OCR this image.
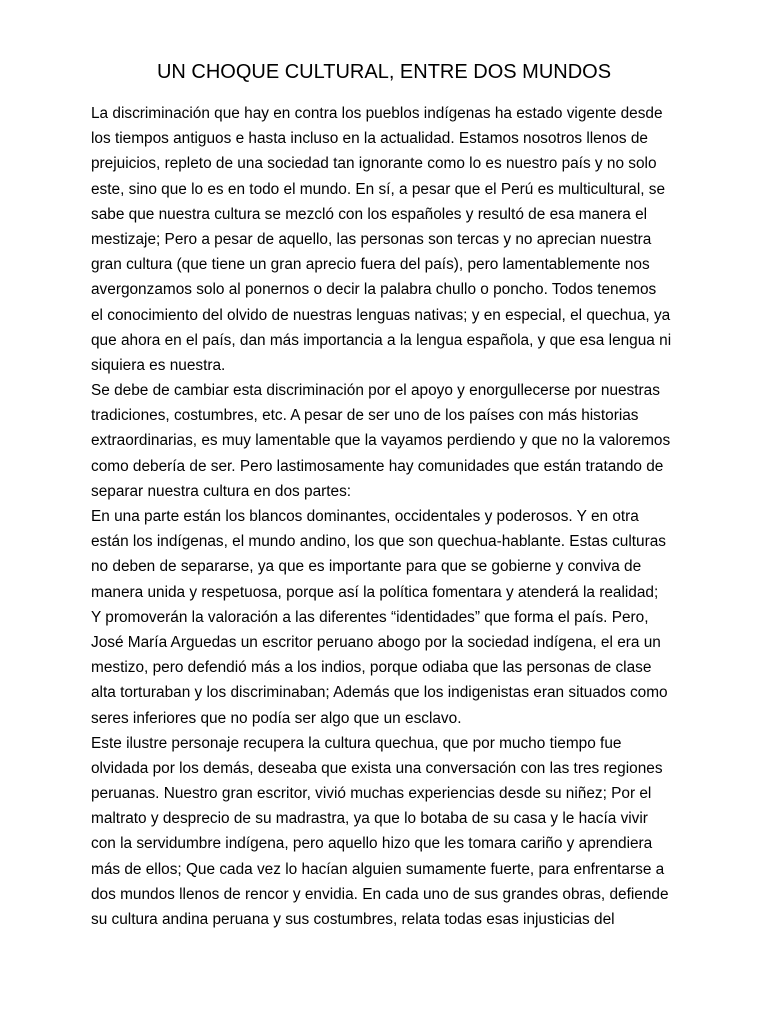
UN CHOQUE CULTURAL, ENTRE DOS MUNDOS
La discriminación que hay en contra los pueblos indígenas ha estado vigente desde
los tiempos antiguos e hasta incluso en la actualidad. Estamos nosotros llenos de
prejuicios, repleto de una sociedad tan ignorante como lo es nuestro país y no solo
este, sino que lo es en todo el mundo. En sí, a pesar que el Perú es multicultural, se
sabe que nuestra cultura se mezcló con los españoles y resultó de esa manera el
mestizaje; Pero a pesar de aquello, las personas son tercas y no aprecian nuestra
gran cultura (que tiene un gran aprecio fuera del país), pero lamentablemente nos
avergonzamos solo al ponernos o decir la palabra chullo o poncho. Todos tenemos
el conocimiento del olvido de nuestras lenguas nativas; y en especial, el quechua, ya
que ahora en el país, dan más importancia a la lengua española, y que esa lengua ni
siquiera es nuestra.
Se debe de cambiar esta discriminación por el apoyo y enorgullecerse por nuestras
tradiciones, costumbres, etc. A pesar de ser uno de los países con más historias
extraordinarias, es muy lamentable que la vayamos perdiendo y que no la valoremos
como debería de ser. Pero lastimosamente hay comunidades que están tratando de
separar nuestra cultura en dos partes:
En una parte están los blancos dominantes, occidentales y poderosos. Y en otra
están los indígenas, el mundo andino, los que son quechua-hablante. Estas culturas
no deben de separarse, ya que es importante para que se gobierne y conviva de
manera unida y respetuosa, porque así la política fomentara y atenderá la realidad;
Y promoverán la valoración a las diferentes “identidades” que forma el país. Pero,
José María Arguedas un escritor peruano abogo por la sociedad indígena, el era un
mestizo, pero defendió más a los indios, porque odiaba que las personas de clase
alta torturaban y los discriminaban; Además que los indigenistas eran situados como
seres inferiores que no podía ser algo que un esclavo.
Este ilustre personaje recupera la cultura quechua, que por mucho tiempo fue
olvidada por los demás, deseaba que exista una conversación con las tres regiones
peruanas. Nuestro gran escritor, vivió muchas experiencias desde su niñez; Por el
maltrato y desprecio de su madrastra, ya que lo botaba de su casa y le hacía vivir
con la servidumbre indígena, pero aquello hizo que les tomara cariño y aprendiera
más de ellos; Que cada vez lo hacían alguien sumamente fuerte, para enfrentarse a
dos mundos llenos de rencor y envidia. En cada uno de sus grandes obras, defiende
su cultura andina peruana y sus costumbres, relata todas esas injusticias del
